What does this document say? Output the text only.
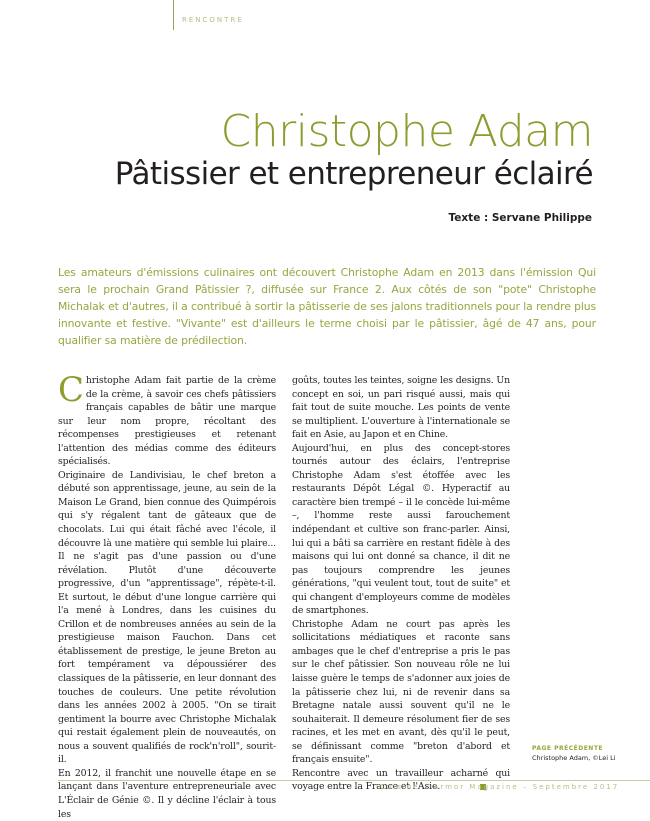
RENCONTRE
Christophe Adam
Pâtissier et entrepreneur éclairé
Texte : Servane Philippe

Les amateurs d'émissions culinaires ont découvert Christophe Adam en 2013 dans l'émission Qui sera le prochain Grand Pâtissier ?, diffusée sur France 2. Aux côtés de son "pote" Christophe Michalak et d'autres, il a contribué à sortir la pâtisserie de ses jalons traditionnels pour la rendre plus innovante et festive. "Vivante" est d'ailleurs le terme choisi par le pâtissier, âgé de 47 ans, pour qualifier sa matière de prédilection.

Christophe Adam fait partie de la crème de la crème, à savoir ces chefs pâtissiers français capables de bâtir une marque sur leur nom propre, récoltant des récompenses prestigieuses et retenant l'attention des médias comme des éditeurs spécialisés.

Originaire de Landivisiau, le chef breton a débuté son apprentissage, jeune, au sein de la Maison Le Grand, bien connue des Quimpérois qui s'y régalent tant de gâteaux que de chocolats. Lui qui était fâché avec l'école, il découvre là une matière qui semble lui plaire... Il ne s'agit pas d'une passion ou d'une révélation. Plutôt d'une découverte progressive, d'un "apprentissage", répète-t-il. Et surtout, le début d'une longue carrière qui l'a mené à Londres, dans les cuisines du Crillon et de nombreuses années au sein de la prestigieuse maison Fauchon. Dans cet établissement de prestige, le jeune Breton au fort tempérament va dépoussiérer des classiques de la pâtisserie, en leur donnant des touches de couleurs. Une petite révolution dans les années 2002 à 2005. "On se tirait gentiment la bourre avec Christophe Michalak qui restait également plein de nouveautés, on nous a souvent qualifiés de rock'n'roll", sourit-il.

En 2012, il franchit une nouvelle étape en se lançant dans l'aventure entrepreneuriale avec L'Éclair de Génie ©. Il y décline l'éclair à tous les

goûts, toutes les teintes, soigne les designs. Un concept en soi, un pari risqué aussi, mais qui fait tout de suite mouche. Les points de vente se multiplient. L'ouverture à l'internationale se fait en Asie, au Japon et en Chine.

Aujourd'hui, en plus des concept-stores tournés autour des éclairs, l'entreprise Christophe Adam s'est étoffée avec les restaurants Dépôt Légal ©. Hyperactif au caractère bien trempé – il le concède lui-même –, l'homme reste aussi farouchement indépendant et cultive son franc-parler. Ainsi, lui qui a bâti sa carrière en restant fidèle à des maisons qui lui ont donné sa chance, il dit ne pas toujours comprendre les jeunes générations, "qui veulent tout, tout de suite" et qui changent d'employeurs comme de modèles de smartphones.

Christophe Adam ne court pas après les sollicitations médiatiques et raconte sans ambages que le chef d'entreprise a pris le pas sur le chef pâtissier. Son nouveau rôle ne lui laisse guère le temps de s'adonner aux joies de la pâtisserie chez lui, ni de revenir dans sa Bretagne natale aussi souvent qu'il ne le souhaiterait. Il demeure résolument fier de ses racines, et les met en avant, dès qu'il le peut, se définissant comme "breton d'abord et français ensuite".

Rencontre avec un travailleur acharné qui voyage entre la France et l'Asie.

PAGE PRÉCÉDENTE
Christophe Adam, ©Lei Li
Cuisine – Armor Magazine – Septembre 2017
